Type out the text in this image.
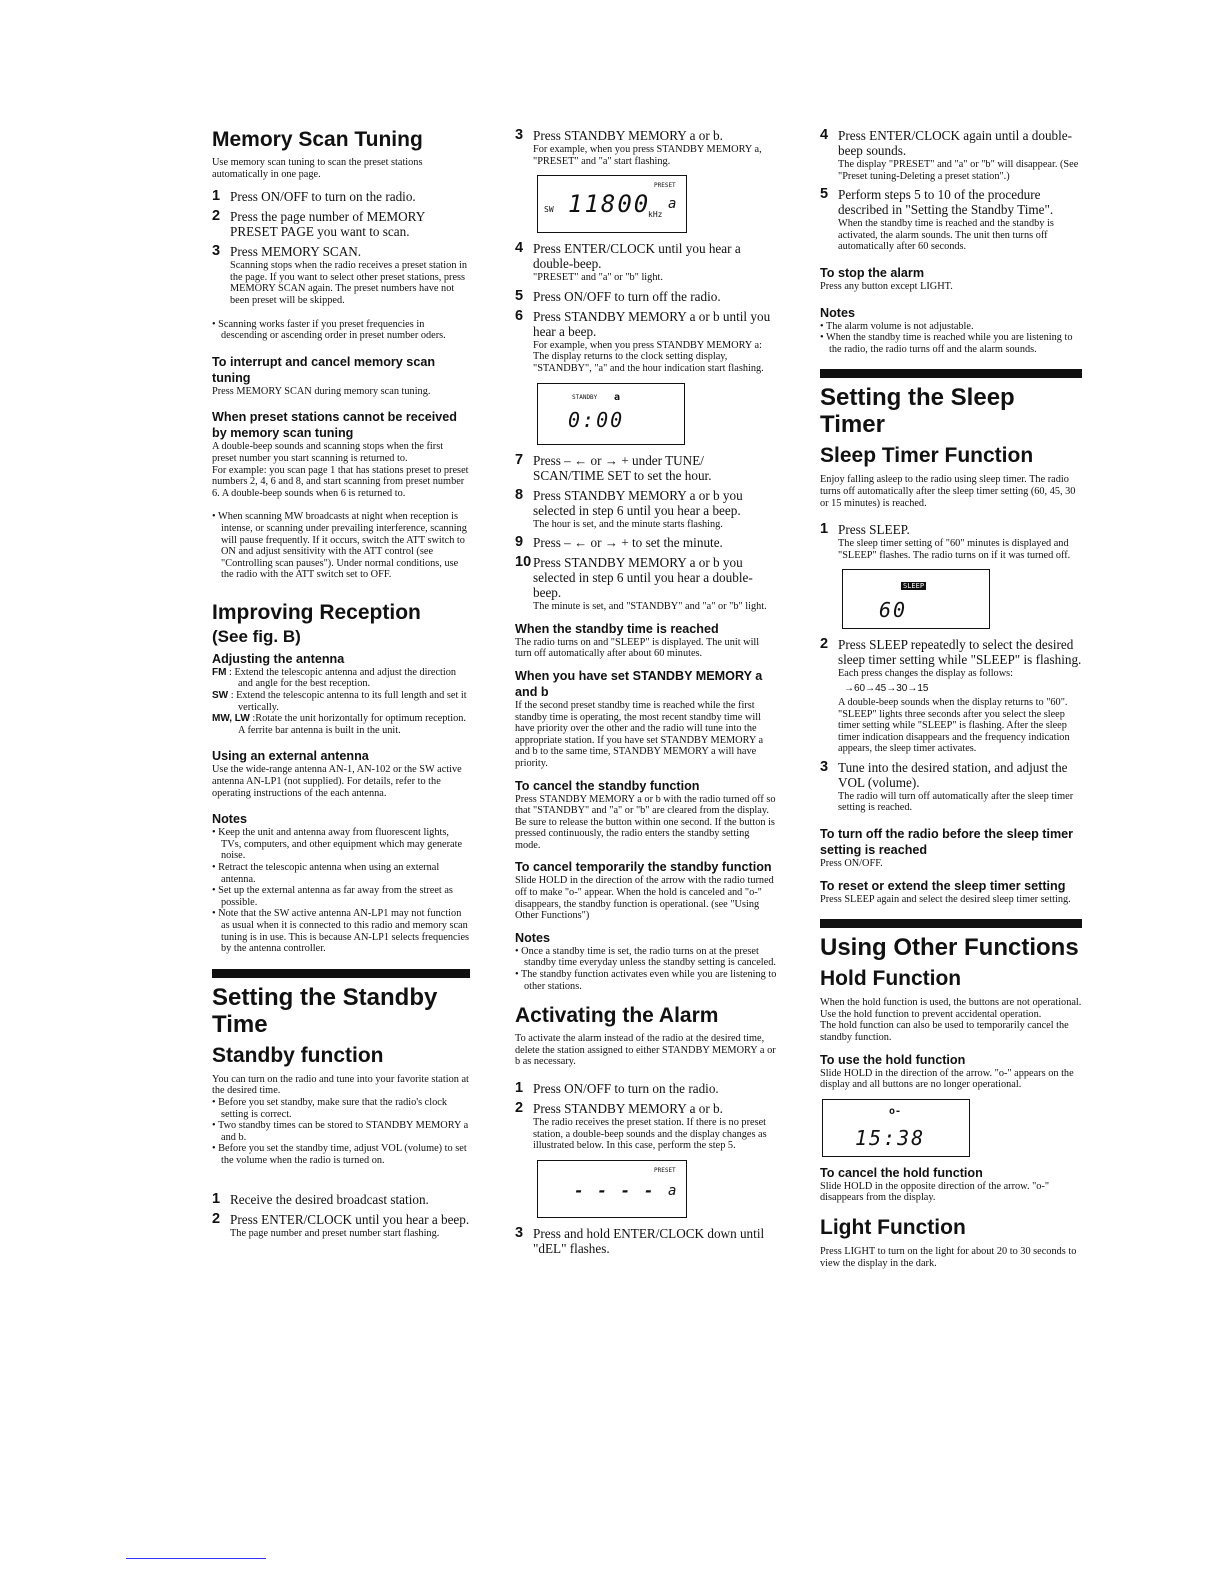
Memory Scan Tuning
Use memory scan tuning to scan the preset stations automatically in one page.
1 Press ON/OFF to turn on the radio.
2 Press the page number of MEMORY PRESET PAGE you want to scan.
3 Press MEMORY SCAN.
Scanning stops when the radio receives a preset station in the page. If you want to select other preset stations, press MEMORY SCAN again. The preset numbers have not been preset will be skipped.
• Scanning works faster if you preset frequencies in descending or ascending order in preset number oders.
To interrupt and cancel memory scan tuning
Press MEMORY SCAN during memory scan tuning.
When preset stations cannot be received by memory scan tuning
A double-beep sounds and scanning stops when the first preset number you start scanning is returned to.
For example: you scan page 1 that has stations preset to preset numbers 2, 4, 6 and 8, and start scanning from preset number 6. A double-beep sounds when 6 is returned to.
• When scanning MW broadcasts at night when reception is intense, or scanning under prevailing interference, scanning will pause frequently. If it occurs, switch the ATT switch to ON and adjust sensitivity with the ATT control (see "Controlling scan pauses"). Under normal conditions, use the radio with the ATT switch set to OFF.
Improving Reception
(See fig. B)
Adjusting the antenna
FM : Extend the telescopic antenna and adjust the direction and angle for the best reception.
SW : Extend the telescopic antenna to its full length and set it vertically.
MW, LW :Rotate the unit horizontally for optimum reception. A ferrite bar antenna is built in the unit.
Using an external antenna
Use the wide-range antenna AN-1, AN-102 or the SW active antenna AN-LP1 (not supplied). For details, refer to the operating instructions of the each antenna.
Notes
• Keep the unit and antenna away from fluorescent lights, TVs, computers, and other equipment which may generate noise.
• Retract the telescopic antenna when using an external antenna.
• Set up the external antenna as far away from the street as possible.
• Note that the SW active antenna AN-LP1 may not function as usual when it is connected to this radio and memory scan tuning is in use. This is because AN-LP1 selects frequencies by the antenna controller.
Setting the Standby Time
Standby function
You can turn on the radio and tune into your favorite station at the desired time.
• Before you set standby, make sure that the radio's clock setting is correct.
• Two standby times can be stored to STANDBY MEMORY a and b.
• Before you set the standby time, adjust VOL (volume) to set the volume when the radio is turned on.
1 Receive the desired broadcast station.
2 Press ENTER/CLOCK until you hear a beep.
The page number and preset number start flashing.
3 Press STANDBY MEMORY a or b.
For example, when you press STANDBY MEMORY a, "PRESET" and "a" start flashing.
SW 11800
kHz
PRESET
a
4 Press ENTER/CLOCK until you hear a double-beep.
"PRESET" and "a" or "b" light.
5 Press ON/OFF to turn off the radio.
6 Press STANDBY MEMORY a or b until you hear a beep.
For example, when you press STANDBY MEMORY a: The display returns to the clock setting display, "STANDBY", "a" and the hour indication start flashing.
STANDBY a
0:00
7 Press – ← or → + under TUNE/ SCAN/TIME SET to set the hour.
8 Press STANDBY MEMORY a or b you selected in step 6 until you hear a beep.
The hour is set, and the minute starts flashing.
9 Press – ← or → + to set the minute.
10 Press STANDBY MEMORY a or b you selected in step 6 until you hear a double-beep.
The minute is set, and "STANDBY" and "a" or "b" light.
When the standby time is reached
The radio turns on and "SLEEP" is displayed. The unit will turn off automatically after about 60 minutes.
When you have set STANDBY MEMORY a and b
If the second preset standby time is reached while the first standby time is operating, the most recent standby time will have priority over the other and the radio will tune into the appropriate station. If you have set STANDBY MEMORY a and b to the same time, STANDBY MEMORY a will have priority.
To cancel the standby function
Press STANDBY MEMORY a or b with the radio turned off so that "STANDBY" and "a" or "b" are cleared from the display.
Be sure to release the button within one second. If the button is pressed continuously, the radio enters the standby setting mode.
To cancel temporarily the standby function
Slide HOLD in the direction of the arrow with the radio turned off to make "o-" appear. When the hold is canceled and "o-" disappears, the standby function is operational. (see "Using Other Functions")
Notes
• Once a standby time is set, the radio turns on at the preset standby time everyday unless the standby setting is canceled.
• The standby function activates even while you are listening to other stations.
Activating the Alarm
To activate the alarm instead of the radio at the desired time, delete the station assigned to either STANDBY MEMORY a or b as necessary.
1 Press ON/OFF to turn on the radio.
2 Press STANDBY MEMORY a or b.
The radio receives the preset station. If there is no preset station, a double-beep sounds and the display changes as illustrated below. In this case, perform the step 5.
- - - -
PRESET
a
3 Press and hold ENTER/CLOCK down until "dEL" flashes.
4 Press ENTER/CLOCK again until a double-beep sounds.
The display "PRESET" and "a" or "b" will disappear. (See "Preset tuning-Deleting a preset station".)
5 Perform steps 5 to 10 of the procedure described in "Setting the Standby Time".
When the standby time is reached and the standby is activated, the alarm sounds. The unit then turns off automatically after 60 seconds.
To stop the alarm
Press any button except LIGHT.
Notes
• The alarm volume is not adjustable.
• When the standby time is reached while you are listening to the radio, the radio turns off and the alarm sounds.
Setting the Sleep Timer
Sleep Timer Function
Enjoy falling asleep to the radio using sleep timer. The radio turns off automatically after the sleep timer setting (60, 45, 30 or 15 minutes) is reached.
1 Press SLEEP.
The sleep timer setting of "60" minutes is displayed and "SLEEP" flashes. The radio turns on if it was turned off.
SLEEP
60
2 Press SLEEP repeatedly to select the desired sleep timer setting while "SLEEP" is flashing.
Each press changes the display as follows:
→60→45→30→15
A double-beep sounds when the display returns to "60". "SLEEP" lights three seconds after you select the sleep timer setting while "SLEEP" is flashing. After the sleep timer indication disappears and the frequency indication appears, the sleep timer activates.
3 Tune into the desired station, and adjust the VOL (volume).
The radio will turn off automatically after the sleep timer setting is reached.
To turn off the radio before the sleep timer setting is reached
Press ON/OFF.
To reset or extend the sleep timer setting
Press SLEEP again and select the desired sleep timer setting.
Using Other Functions
Hold Function
When the hold function is used, the buttons are not operational. Use the hold function to prevent accidental operation.
The hold function can also be used to temporarily cancel the standby function.
To use the hold function
Slide HOLD in the direction of the arrow. "o-" appears on the display and all buttons are no longer operational.
o-
15:38
To cancel the hold function
Slide HOLD in the opposite direction of the arrow. "o-" disappears from the display.
Light Function
Press LIGHT to turn on the light for about 20 to 30 seconds to view the display in the dark.
